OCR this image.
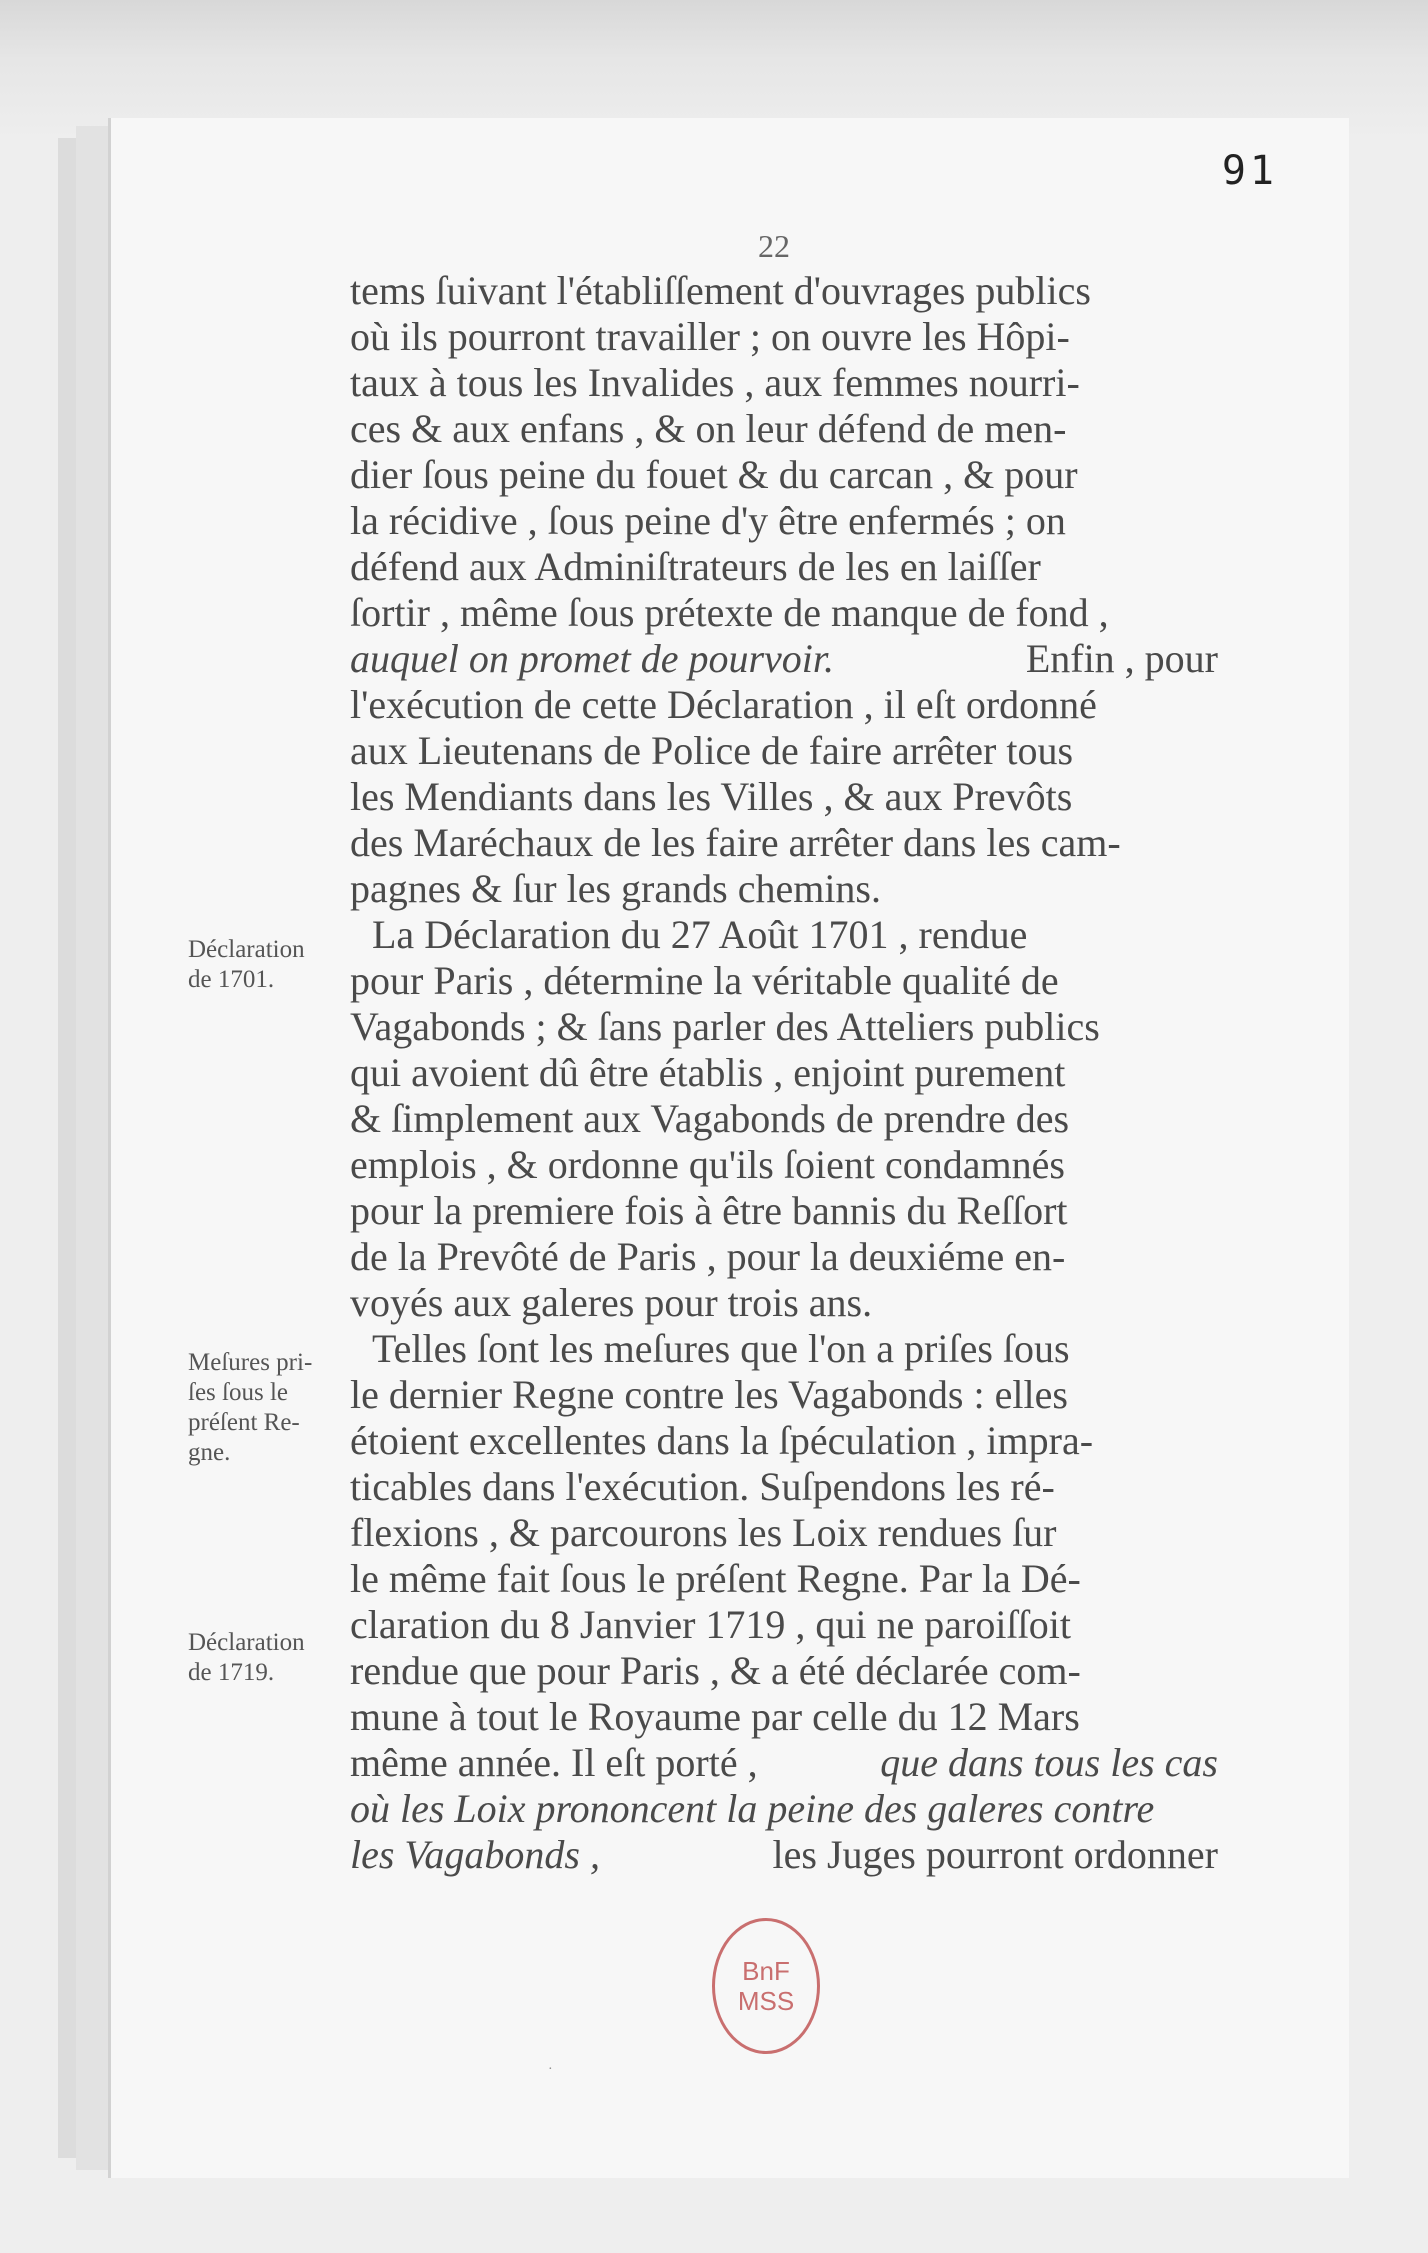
91
22
tems ſuivant l'établiſſement d'ouvrages publics
où ils pourront travailler ; on ouvre les Hôpi-
taux à tous les Invalides , aux femmes nourri-
ces & aux enfans , & on leur défend de men-
dier ſous peine du fouet & du carcan , & pour
la récidive , ſous peine d'y être enfermés ; on
défend aux Adminiſtrateurs de les en laiſſer
ſortir , même ſous prétexte de manque de fond ,
auquel on promet de pourvoir.	Enfin , pour
l'exécution de cette Déclaration , il eſt ordonné
aux Lieutenans de Police de faire arrêter tous
les Mendiants dans les Villes , & aux Prevôts
des Maréchaux de les faire arrêter dans les cam-
pagnes & ſur les grands chemins.
La Déclaration du 27 Août 1701 , rendue
pour Paris , détermine la véritable qualité de
Vagabonds ; & ſans parler des Atteliers publics
qui avoient dû être établis , enjoint purement
& ſimplement aux Vagabonds de prendre des
emplois , & ordonne qu'ils ſoient condamnés
pour la premiere fois à être bannis du Reſſort
de la Prevôté de Paris , pour la deuxiéme en-
voyés aux galeres pour trois ans.
Telles ſont les meſures que l'on a priſes ſous
le dernier Regne contre les Vagabonds : elles
étoient excellentes dans la ſpéculation , impra-
ticables dans l'exécution. Suſpendons les ré-
flexions , & parcourons les Loix rendues ſur
le même fait ſous le préſent Regne. Par la Dé-
claration du 8 Janvier 1719 , qui ne paroiſſoit
rendue que pour Paris , & a été déclarée com-
mune à tout le Royaume par celle du 12 Mars
même année. Il eſt porté ,	que dans tous les cas
où les Loix prononcent la peine des galeres contre
les Vagabonds ,	les Juges pourront ordonner
Déclaration
de 1701.
Meſures pri-
ſes ſous le
préſent Re-
gne.
Déclaration
de 1719.
BnF
MSS
·
